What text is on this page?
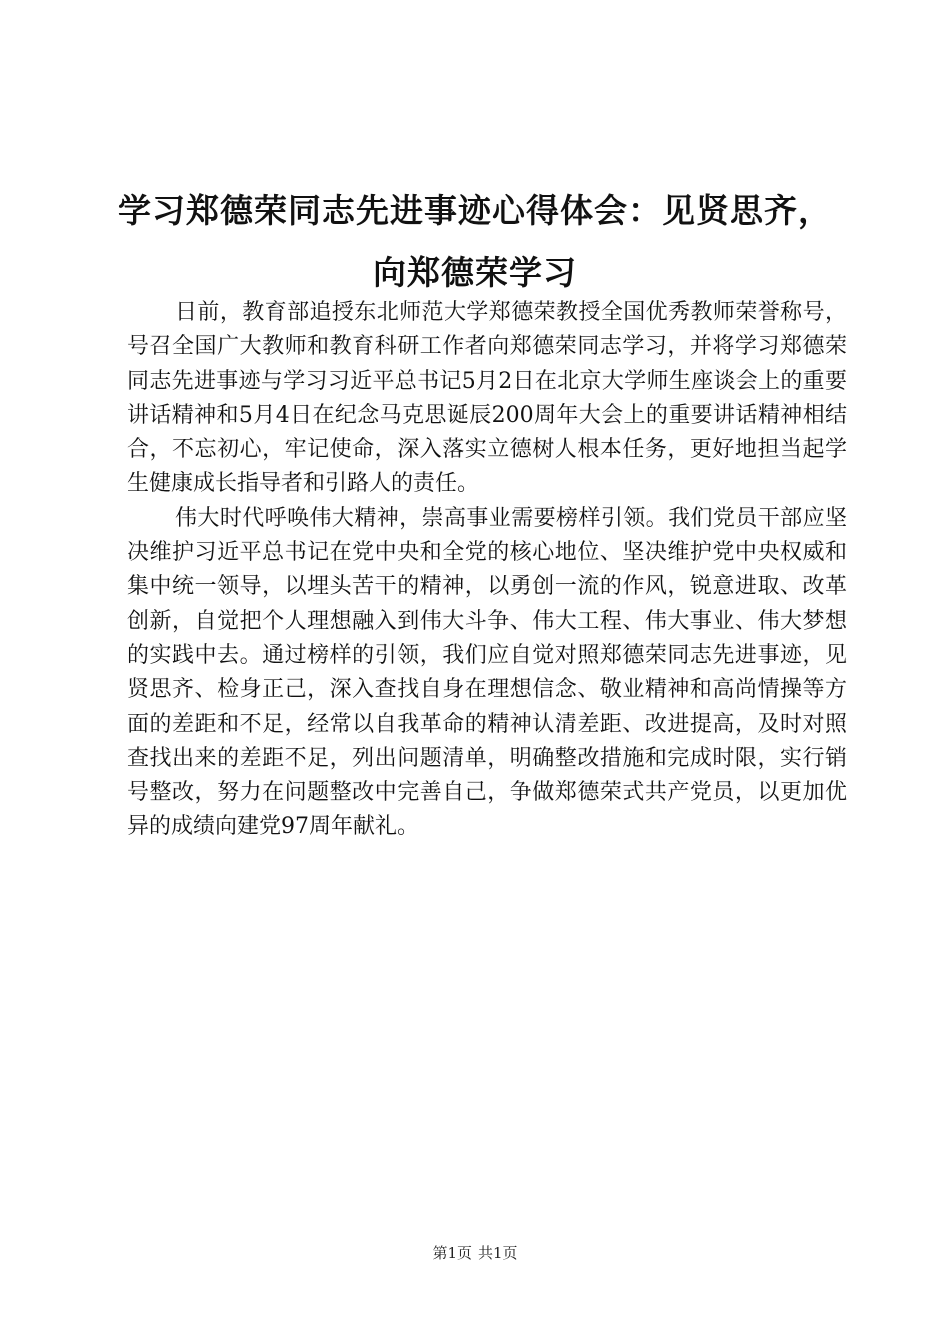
学习郑德荣同志先进事迹心得体会：见贤思齐，
向郑德荣学习

日前，教育部追授东北师范大学郑德荣教授全国优秀教师荣誉称号，号召全国广大教师和教育科研工作者向郑德荣同志学习，并将学习郑德荣同志先进事迹与学习习近平总书记5月2日在北京大学师生座谈会上的重要讲话精神和5月4日在纪念马克思诞辰200周年大会上的重要讲话精神相结合，不忘初心，牢记使命，深入落实立德树人根本任务，更好地担当起学生健康成长指导者和引路人的责任。

伟大时代呼唤伟大精神，崇高事业需要榜样引领。我们党员干部应坚决维护习近平总书记在党中央和全党的核心地位、坚决维护党中央权威和集中统一领导，以埋头苦干的精神，以勇创一流的作风，锐意进取、改革创新，自觉把个人理想融入到伟大斗争、伟大工程、伟大事业、伟大梦想的实践中去。通过榜样的引领，我们应自觉对照郑德荣同志先进事迹，见贤思齐、检身正己，深入查找自身在理想信念、敬业精神和高尚情操等方面的差距和不足，经常以自我革命的精神认清差距、改进提高，及时对照查找出来的差距不足，列出问题清单，明确整改措施和完成时限，实行销号整改，努力在问题整改中完善自己，争做郑德荣式共产党员，以更加优异的成绩向建党97周年献礼。

第1页 共1页
